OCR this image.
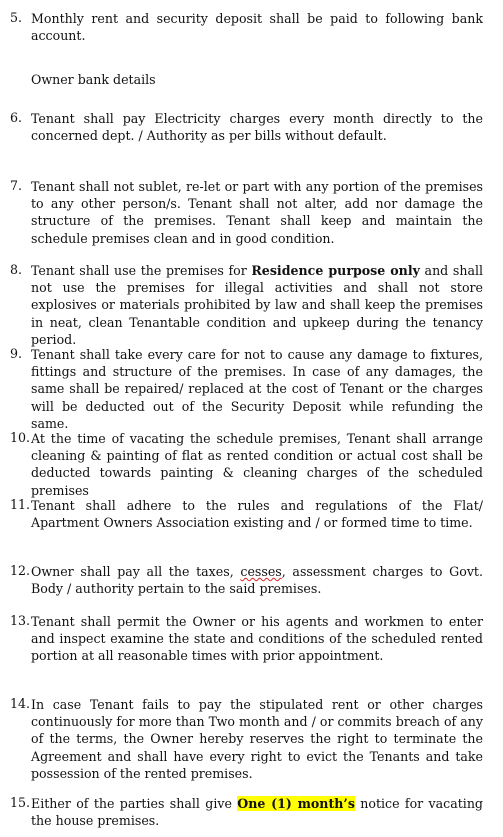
5. Monthly rent and security deposit shall be paid to following bank account.
Owner bank details
6. Tenant shall pay Electricity charges every month directly to the concerned dept. / Authority as per bills without default.
7. Tenant shall not sublet, re-let or part with any portion of the premises to any other person/s. Tenant shall not alter, add nor damage the structure of the premises. Tenant shall keep and maintain the schedule premises clean and in good condition.
8. Tenant shall use the premises for Residence purpose only and shall not use the premises for illegal activities and shall not store explosives or materials prohibited by law and shall keep the premises in neat, clean Tenantable condition and upkeep during the tenancy period.
9. Tenant shall take every care for not to cause any damage to fixtures, fittings and structure of the premises. In case of any damages, the same shall be repaired/ replaced at the cost of Tenant or the charges will be deducted out of the Security Deposit while refunding the same.
10. At the time of vacating the schedule premises, Tenant shall arrange cleaning & painting of flat as rented condition or actual cost shall be deducted towards painting & cleaning charges of the scheduled premises
11. Tenant shall adhere to the rules and regulations of the Flat/ Apartment Owners Association existing and / or formed time to time.
12. Owner shall pay all the taxes, cesses, assessment charges to Govt. Body / authority pertain to the said premises.
13. Tenant shall permit the Owner or his agents and workmen to enter and inspect examine the state and conditions of the scheduled rented portion at all reasonable times with prior appointment.
14. In case Tenant fails to pay the stipulated rent or other charges continuously for more than Two month and / or commits breach of any of the terms, the Owner hereby reserves the right to terminate the Agreement and shall have every right to evict the Tenants and take possession of the rented premises.
15. Either of the parties shall give One (1) month’s notice for vacating the house premises.
